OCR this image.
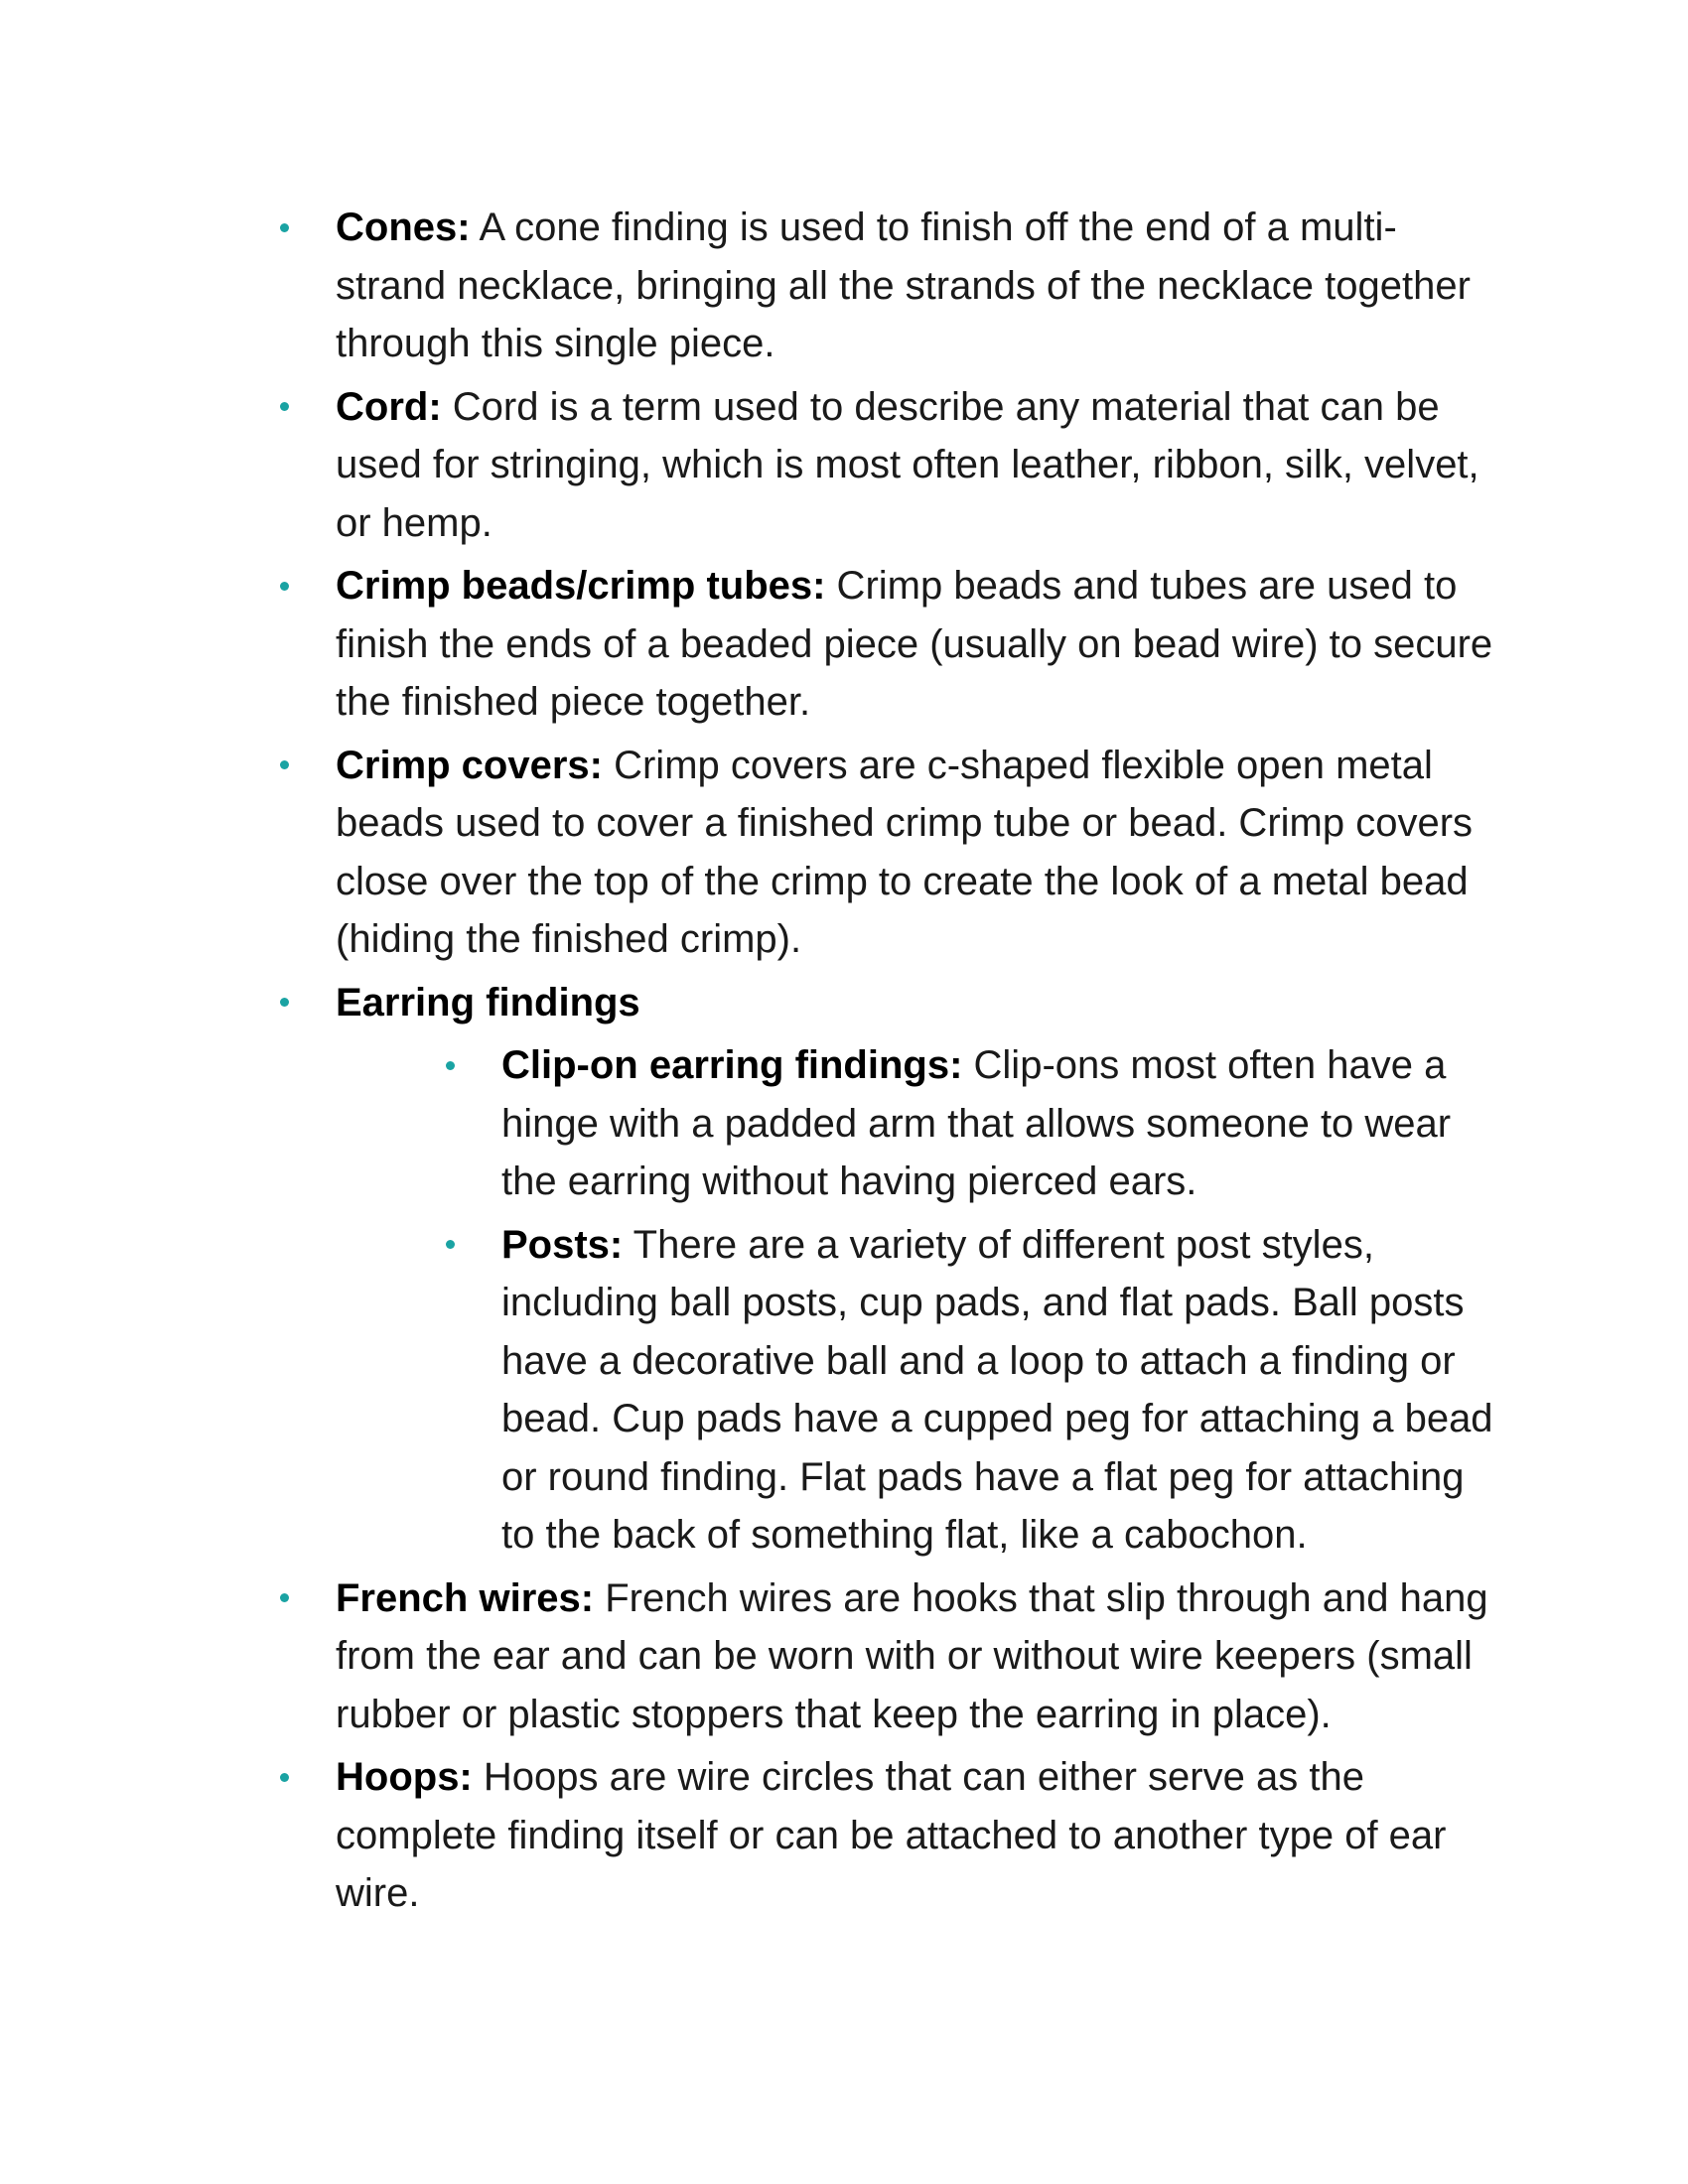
Cones: A cone finding is used to finish off the end of a multi-strand necklace, bringing all the strands of the necklace together through this single piece.
Cord: Cord is a term used to describe any material that can be used for stringing, which is most often leather, ribbon, silk, velvet, or hemp.
Crimp beads/crimp tubes: Crimp beads and tubes are used to finish the ends of a beaded piece (usually on bead wire) to secure the finished piece together.
Crimp covers: Crimp covers are c-shaped flexible open metal beads used to cover a finished crimp tube or bead. Crimp covers close over the top of the crimp to create the look of a metal bead (hiding the finished crimp).
Earring findings
Clip-on earring findings: Clip-ons most often have a hinge with a padded arm that allows someone to wear the earring without having pierced ears.
Posts: There are a variety of different post styles, including ball posts, cup pads, and flat pads. Ball posts have a decorative ball and a loop to attach a finding or bead. Cup pads have a cupped peg for attaching a bead or round finding. Flat pads have a flat peg for attaching to the back of something flat, like a cabochon.
French wires: French wires are hooks that slip through and hang from the ear and can be worn with or without wire keepers (small rubber or plastic stoppers that keep the earring in place).
Hoops: Hoops are wire circles that can either serve as the complete finding itself or can be attached to another type of ear wire.
